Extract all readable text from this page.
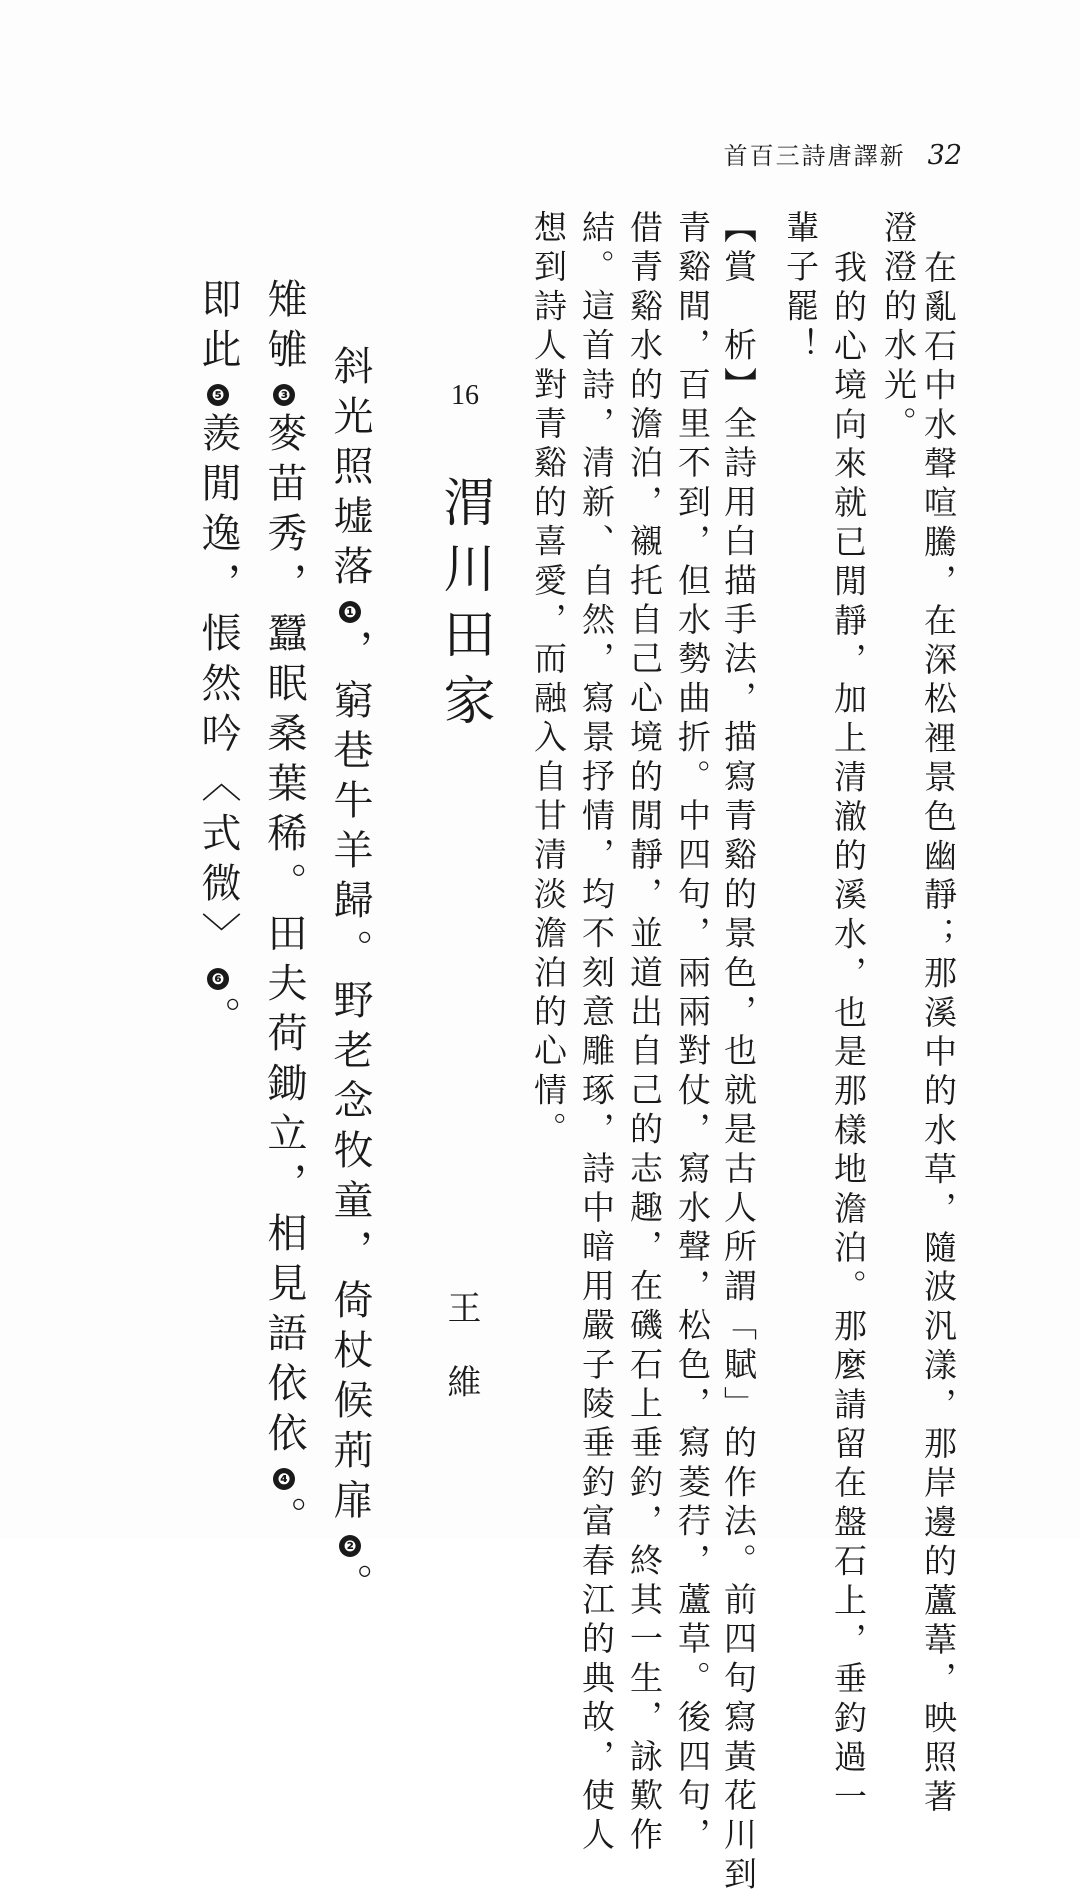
首百三詩唐譯新 32
在亂石中水聲喧騰，在深松裡景色幽靜；那溪中的水草，隨波汎漾，那岸邊的蘆葦，映照著
澄澄的水光。
我的心境向來就已閒靜，加上清澈的溪水，也是那樣地澹泊。那麼請留在盤石上，垂釣過一
輩子罷！
【賞　析】全詩用白描手法，描寫青谿的景色，也就是古人所謂「賦」的作法。前四句寫黃花川到
青谿間，百里不到，但水勢曲折。中四句，兩兩對仗，寫水聲，松色，寫菱荇，蘆草。後四句，
借青谿水的澹泊，襯托自己心境的閒靜，並道出自己的志趣，在磯石上垂釣，終其一生，詠歎作
結。這首詩，清新、自然，寫景抒情，均不刻意雕琢，詩中暗用嚴子陵垂釣富春江的典故，使人
想到詩人對青谿的喜愛，而融入自甘清淡澹泊的心情。
16
渭川田家
王維
斜光照墟落❶，窮巷牛羊歸。野老念牧童，倚杖候荊扉❷。
雉雊❸麥苗秀，蠶眠桑葉稀。田夫荷鋤立，相見語依依❹。
即此❺羨閒逸，悵然吟〈式微〉❻。
